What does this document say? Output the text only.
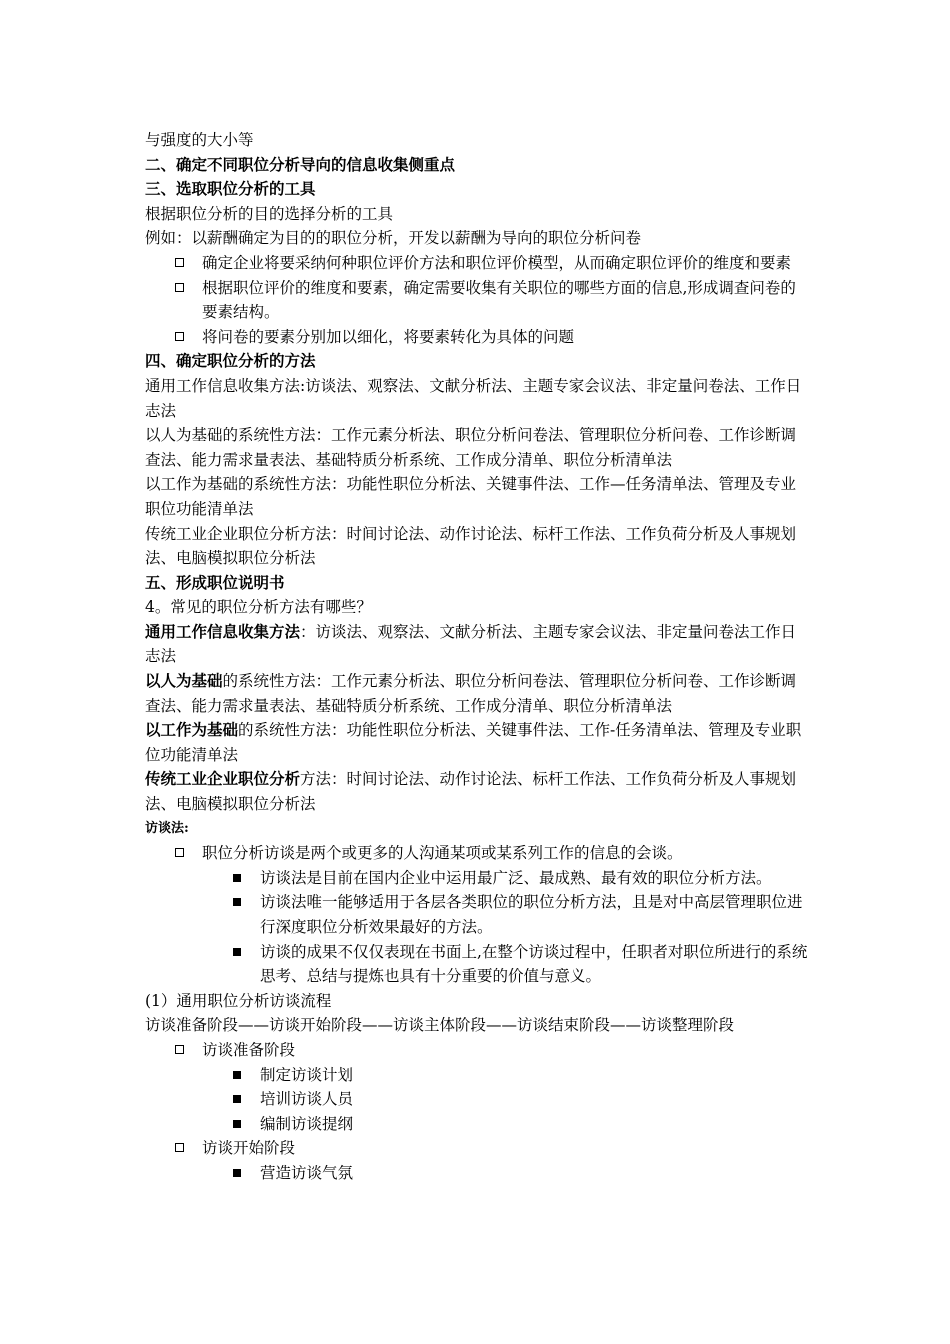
与强度的大小等
二、确定不同职位分析导向的信息收集侧重点
三、选取职位分析的工具
根据职位分析的目的选择分析的工具
例如：以薪酬确定为目的的职位分析，开发以薪酬为导向的职位分析问卷
确定企业将要采纳何种职位评价方法和职位评价模型，从而确定职位评价的维度和要素
根据职位评价的维度和要素，确定需要收集有关职位的哪些方面的信息,形成调查问卷的要素结构。
将问卷的要素分别加以细化，将要素转化为具体的问题
四、确定职位分析的方法
通用工作信息收集方法:访谈法、观察法、文献分析法、主题专家会议法、非定量问卷法、工作日志法
以人为基础的系统性方法：工作元素分析法、职位分析问卷法、管理职位分析问卷、工作诊断调查法、能力需求量表法、基础特质分析系统、工作成分清单、职位分析清单法
以工作为基础的系统性方法：功能性职位分析法、关键事件法、工作—任务清单法、管理及专业职位功能清单法
传统工业企业职位分析方法：时间讨论法、动作讨论法、标杆工作法、工作负荷分析及人事规划法、电脑模拟职位分析法
五、形成职位说明书
4。常见的职位分析方法有哪些？
通用工作信息收集方法：访谈法、观察法、文献分析法、主题专家会议法、非定量问卷法工作日志法
以人为基础的系统性方法：工作元素分析法、职位分析问卷法、管理职位分析问卷、工作诊断调查法、能力需求量表法、基础特质分析系统、工作成分清单、职位分析清单法
以工作为基础的系统性方法：功能性职位分析法、关键事件法、工作-任务清单法、管理及专业职位功能清单法
传统工业企业职位分析方法：时间讨论法、动作讨论法、标杆工作法、工作负荷分析及人事规划法、电脑模拟职位分析法
访谈法:
职位分析访谈是两个或更多的人沟通某项或某系列工作的信息的会谈。
访谈法是目前在国内企业中运用最广泛、最成熟、最有效的职位分析方法。
访谈法唯一能够适用于各层各类职位的职位分析方法，且是对中高层管理职位进行深度职位分析效果最好的方法。
访谈的成果不仅仅表现在书面上,在整个访谈过程中，任职者对职位所进行的系统思考、总结与提炼也具有十分重要的价值与意义。
(1）通用职位分析访谈流程
访谈准备阶段——访谈开始阶段——访谈主体阶段——访谈结束阶段——访谈整理阶段
访谈准备阶段
制定访谈计划
培训访谈人员
编制访谈提纲
访谈开始阶段
营造访谈气氛
